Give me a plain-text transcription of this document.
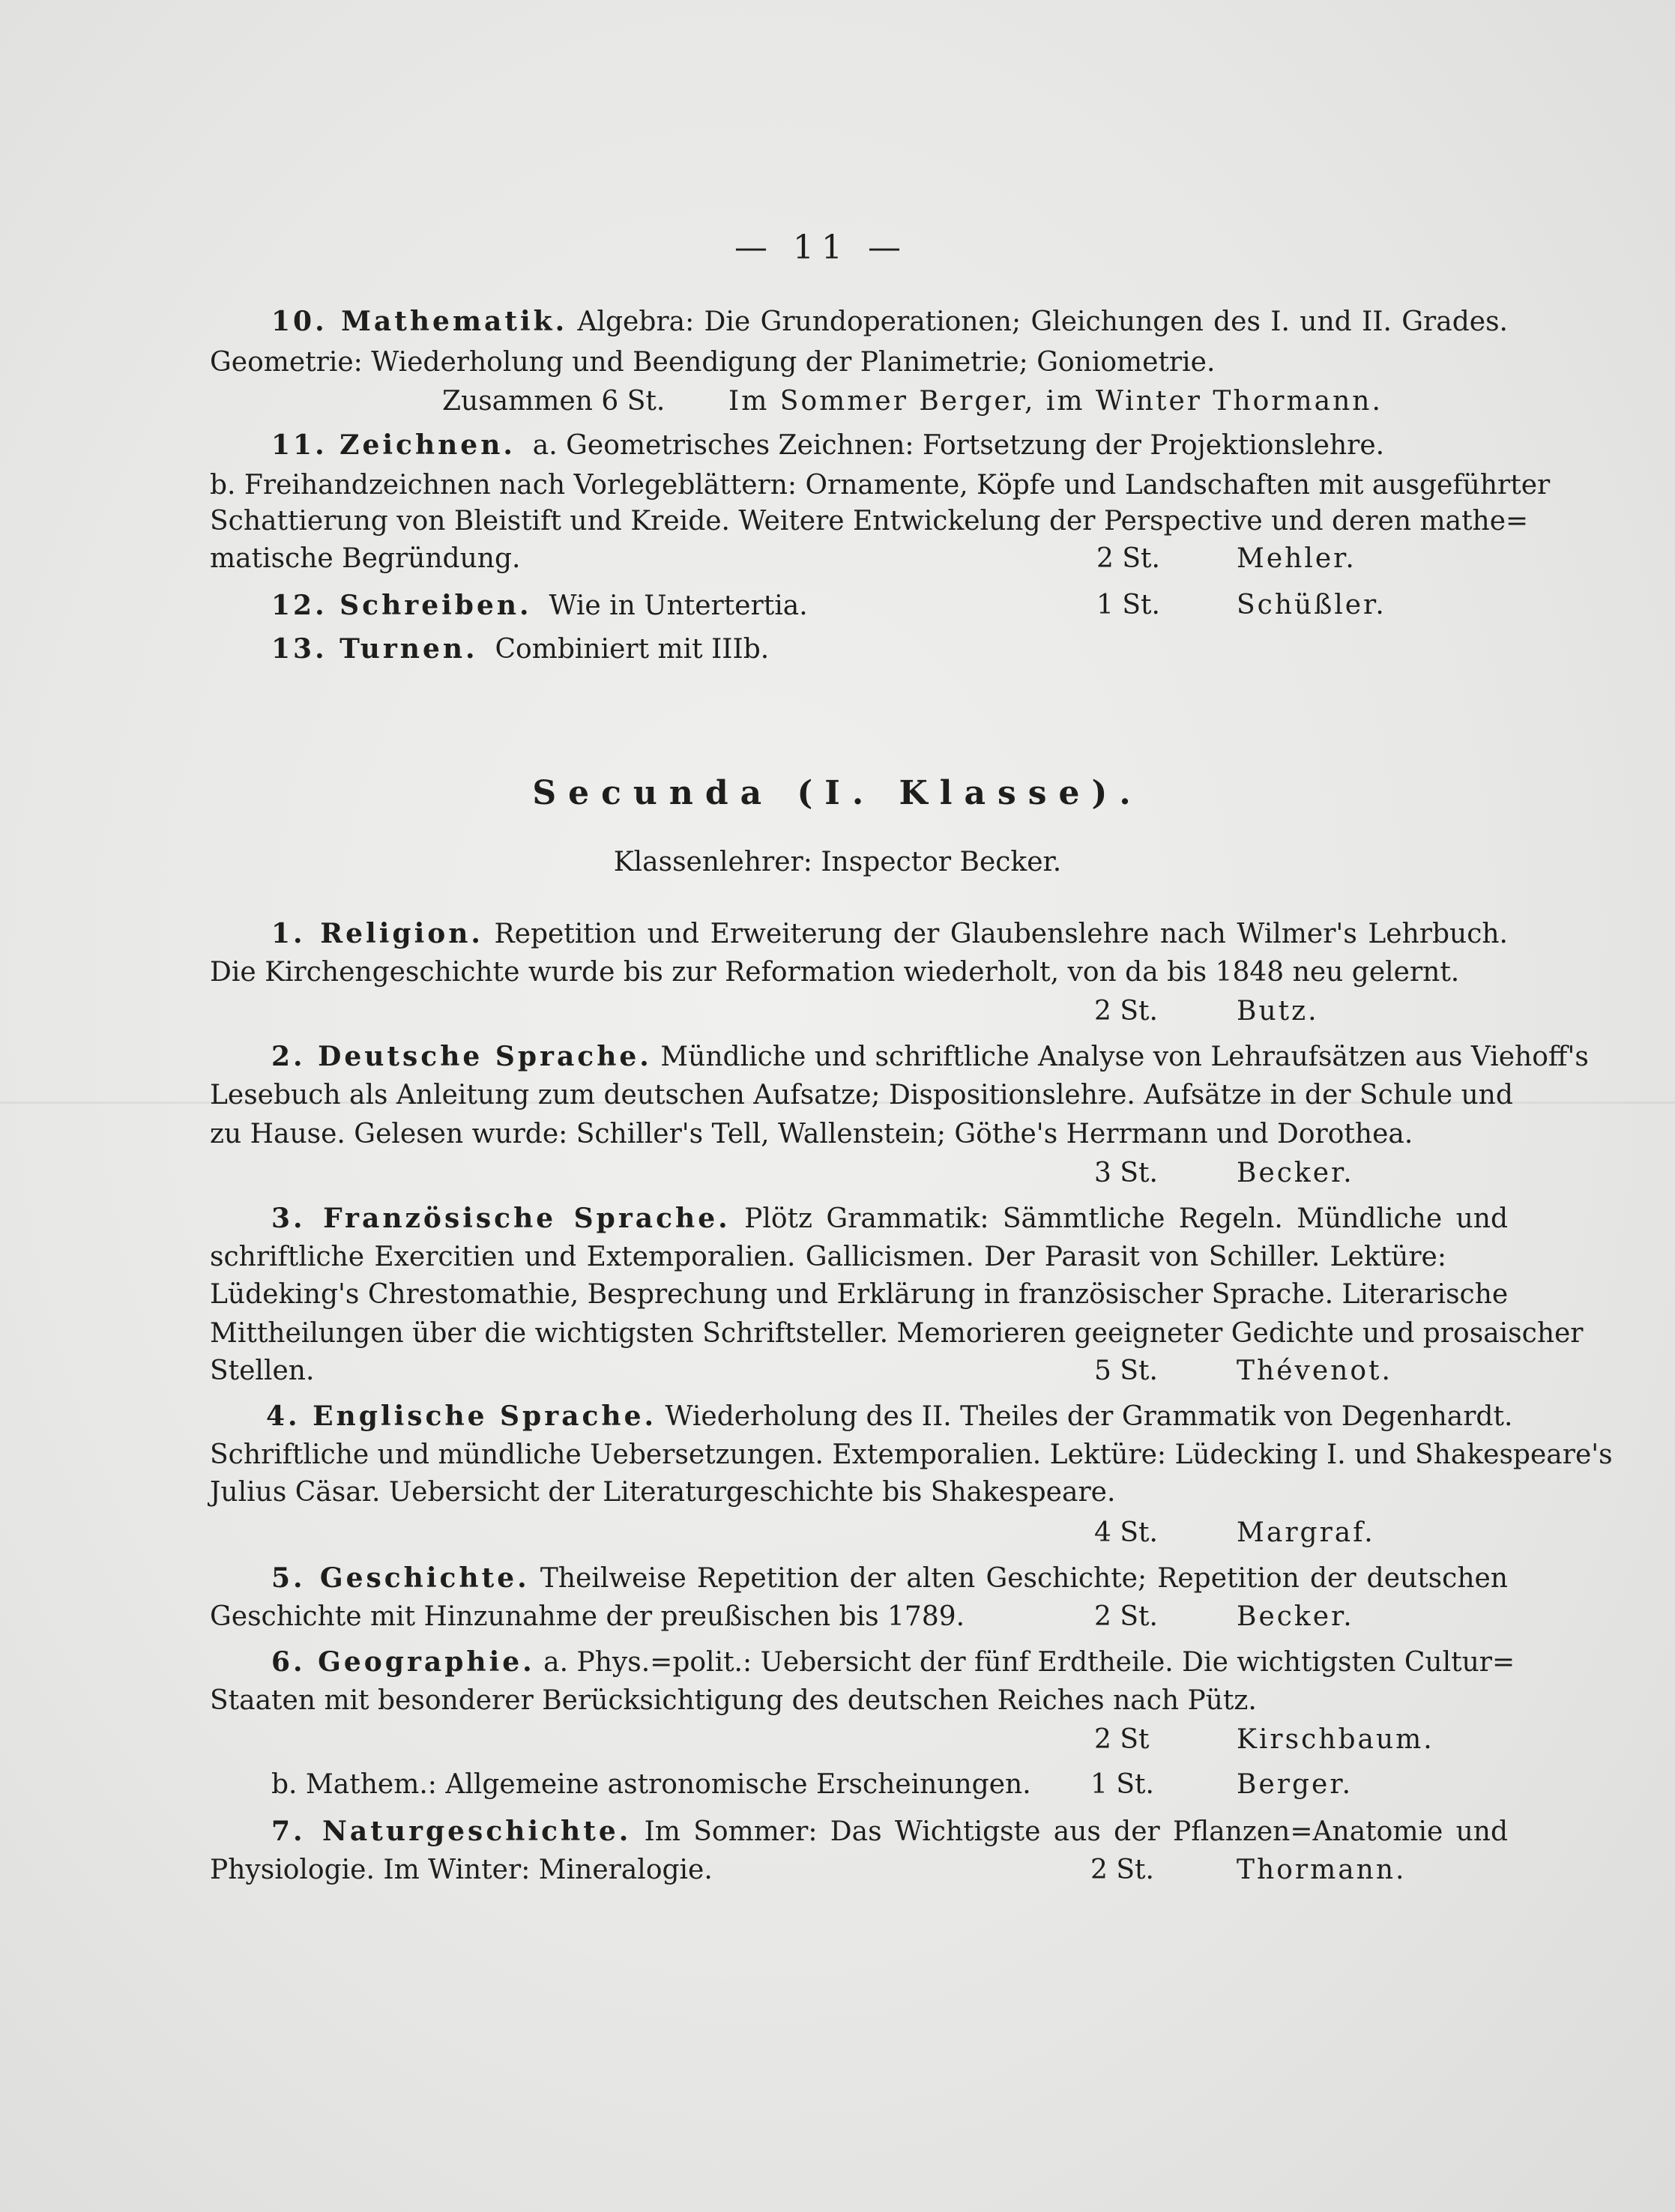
— 11 —
10. Mathematik. Algebra: Die Grundoperationen; Gleichungen des I. und II. Grades.
Geometrie: Wiederholung und Beendigung der Planimetrie; Goniometrie.
Zusammen 6 St. Im Sommer Berger, im Winter Thormann.
11. Zeichnen. a. Geometrisches Zeichnen: Fortsetzung der Projektionslehre.
b. Freihandzeichnen nach Vorlegeblättern: Ornamente, Köpfe und Landschaften mit ausgeführter
Schattierung von Bleistift und Kreide. Weitere Entwickelung der Perspective und deren mathe=
matische Begründung.	2 St.	Mehler.
12. Schreiben. Wie in Untertertia.	1 St.	Schüßler.
13. Turnen. Combiniert mit IIIb.
Secunda (I. Klasse).
Klassenlehrer: Inspector Becker.
1. Religion. Repetition und Erweiterung der Glaubenslehre nach Wilmer's Lehrbuch.
Die Kirchengeschichte wurde bis zur Reformation wiederholt, von da bis 1848 neu gelernt.
2 St.	Butz.
2. Deutsche Sprache. Mündliche und schriftliche Analyse von Lehraufsätzen aus Viehoff's
Lesebuch als Anleitung zum deutschen Aufsatze; Dispositionslehre. Aufsätze in der Schule und
zu Hause. Gelesen wurde: Schiller's Tell, Wallenstein; Göthe's Herrmann und Dorothea.
3 St.	Becker.
3. Französische Sprache. Plötz Grammatik: Sämmtliche Regeln. Mündliche und
schriftliche Exercitien und Extemporalien. Gallicismen. Der Parasit von Schiller. Lektüre:
Lüdeking's Chrestomathie, Besprechung und Erklärung in französischer Sprache. Literarische
Mittheilungen über die wichtigsten Schriftsteller. Memorieren geeigneter Gedichte und prosaischer
Stellen.	5 St.	Thévenot.
4. Englische Sprache. Wiederholung des II. Theiles der Grammatik von Degenhardt.
Schriftliche und mündliche Uebersetzungen. Extemporalien. Lektüre: Lüdecking I. und Shakespeare's
Julius Cäsar. Uebersicht der Literaturgeschichte bis Shakespeare.
4 St.	Margraf.
5. Geschichte. Theilweise Repetition der alten Geschichte; Repetition der deutschen
Geschichte mit Hinzunahme der preußischen bis 1789.	2 St.	Becker.
6. Geographie. a. Phys.=polit.: Uebersicht der fünf Erdtheile. Die wichtigsten Cultur=
Staaten mit besonderer Berücksichtigung des deutschen Reiches nach Pütz.
2 St	Kirschbaum.
b. Mathem.: Allgemeine astronomische Erscheinungen.	1 St.	Berger.
7. Naturgeschichte. Im Sommer: Das Wichtigste aus der Pflanzen=Anatomie und
Physiologie. Im Winter: Mineralogie.	2 St.	Thormann.
